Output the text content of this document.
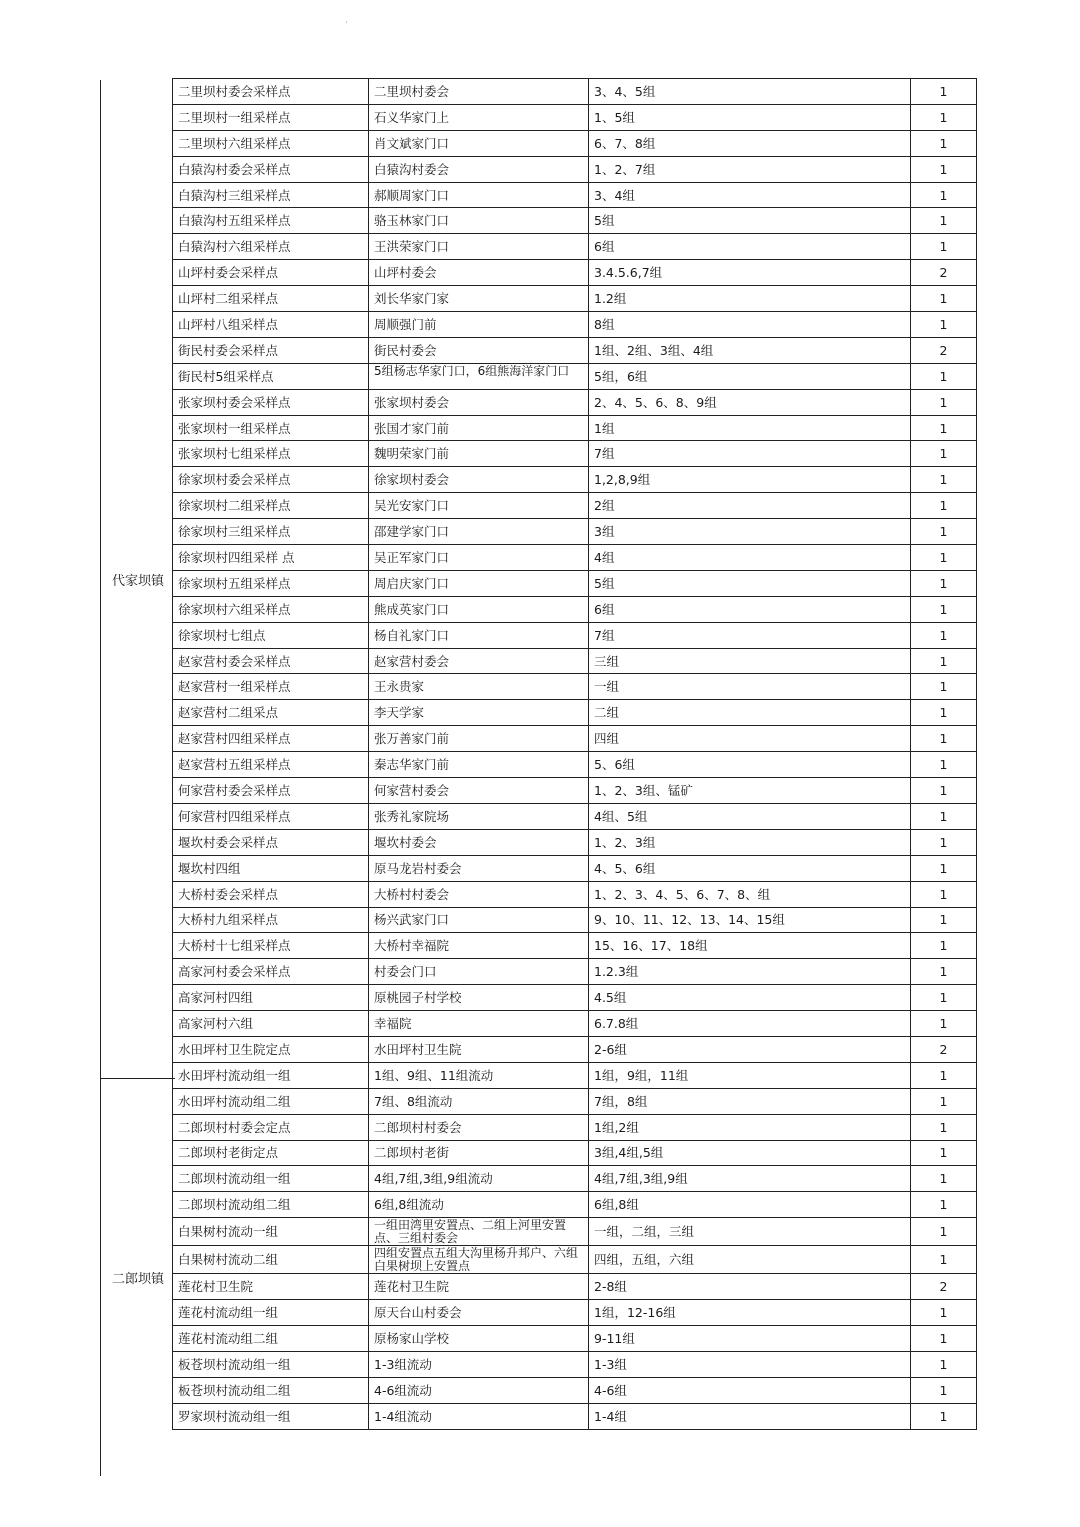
·
代家坝镇
二郎坝镇
二里坝村委会采样点	二里坝村委会	3、4、5组	1
二里坝村一组采样点	石义华家门上	1、5组	1
二里坝村六组采样点	肖文斌家门口	6、7、8组	1
白猿沟村委会采样点	白猿沟村委会	1、2、7组	1
白猿沟村三组采样点	郝顺周家门口	3、4组	1
白猿沟村五组采样点	骆玉林家门口	5组	1
白猿沟村六组采样点	王洪荣家门口	6组	1
山坪村委会采样点	山坪村委会	3.4.5.6,7组	2
山坪村二组采样点	刘长华家门家	1.2组	1
山坪村八组采样点	周顺强门前	8组	1
街民村委会采样点	街民村委会	1组、2组、3组、4组	2
街民村5组采样点	5组杨志华家门口，6组熊海洋家门口	5组，6组	1
张家坝村委会采样点	张家坝村委会	2、4、5、6、8、9组	1
张家坝村一组采样点	张国才家门前	1组	1
张家坝村七组采样点	魏明荣家门前	7组	1
徐家坝村委会采样点	徐家坝村委会	1,2,8,9组	1
徐家坝村二组采样点	吴光安家门口	2组	1
徐家坝村三组采样点	邵建学家门口	3组	1
徐家坝村四组采样 点	吴正军家门口	4组	1
徐家坝村五组采样点	周启庆家门口	5组	1
徐家坝村六组采样点	熊成英家门口	6组	1
徐家坝村七组点	杨自礼家门口	7组	1
赵家营村委会采样点	赵家营村委会	三组	1
赵家营村一组采样点	王永贵家	一组	1
赵家营村二组采点	李天学家	二组	1
赵家营村四组采样点	张万善家门前	四组	1
赵家营村五组采样点	秦志华家门前	5、6组	1
何家营村委会采样点	何家营村委会	1、2、3组、锰矿	1
何家营村四组采样点	张秀礼家院场	4组、5组	1
堰坎村委会采样点	堰坎村委会	1、2、3组	1
堰坎村四组	原马龙岩村委会	4、5、6组	1
大桥村委会采样点	大桥村村委会	1、2、3、4、5、6、7、8、组	1
大桥村九组采样点	杨兴武家门口	9、10、11、12、13、14、15组	1
大桥村十七组采样点	大桥村幸福院	15、16、17、18组	1
高家河村委会采样点	村委会门口	1.2.3组	1
高家河村四组	原桃园子村学校	4.5组	1
高家河村六组	幸福院	6.7.8组	1
水田坪村卫生院定点	水田坪村卫生院	2-6组	2
水田坪村流动组一组	1组、9组、11组流动	1组，9组，11组	1
水田坪村流动组二组	7组、8组流动	7组，8组	1
二郎坝村村委会定点	二郎坝村村委会	1组,2组	1
二郎坝村老街定点	二郎坝村老街	3组,4组,5组	1
二郎坝村流动组一组	4组,7组,3组,9组流动	4组,7组,3组,9组	1
二郎坝村流动组二组	6组,8组流动	6组,8组	1
白果树村流动一组	一组田湾里安置点、二组上河里安置点、三组村委会	一组，二组，三组	1
白果树村流动二组	四组安置点五组大沟里杨升邦户、六组白果树坝上安置点	四组，五组，六组	1
莲花村卫生院	莲花村卫生院	2-8组	2
莲花村流动组一组	原天台山村委会	1组，12-16组	1
莲花村流动组二组	原杨家山学校	9-11组	1
板苍坝村流动组一组	1-3组流动	1-3组	1
板苍坝村流动组二组	4-6组流动	4-6组	1
罗家坝村流动组一组	1-4组流动	1-4组	1
